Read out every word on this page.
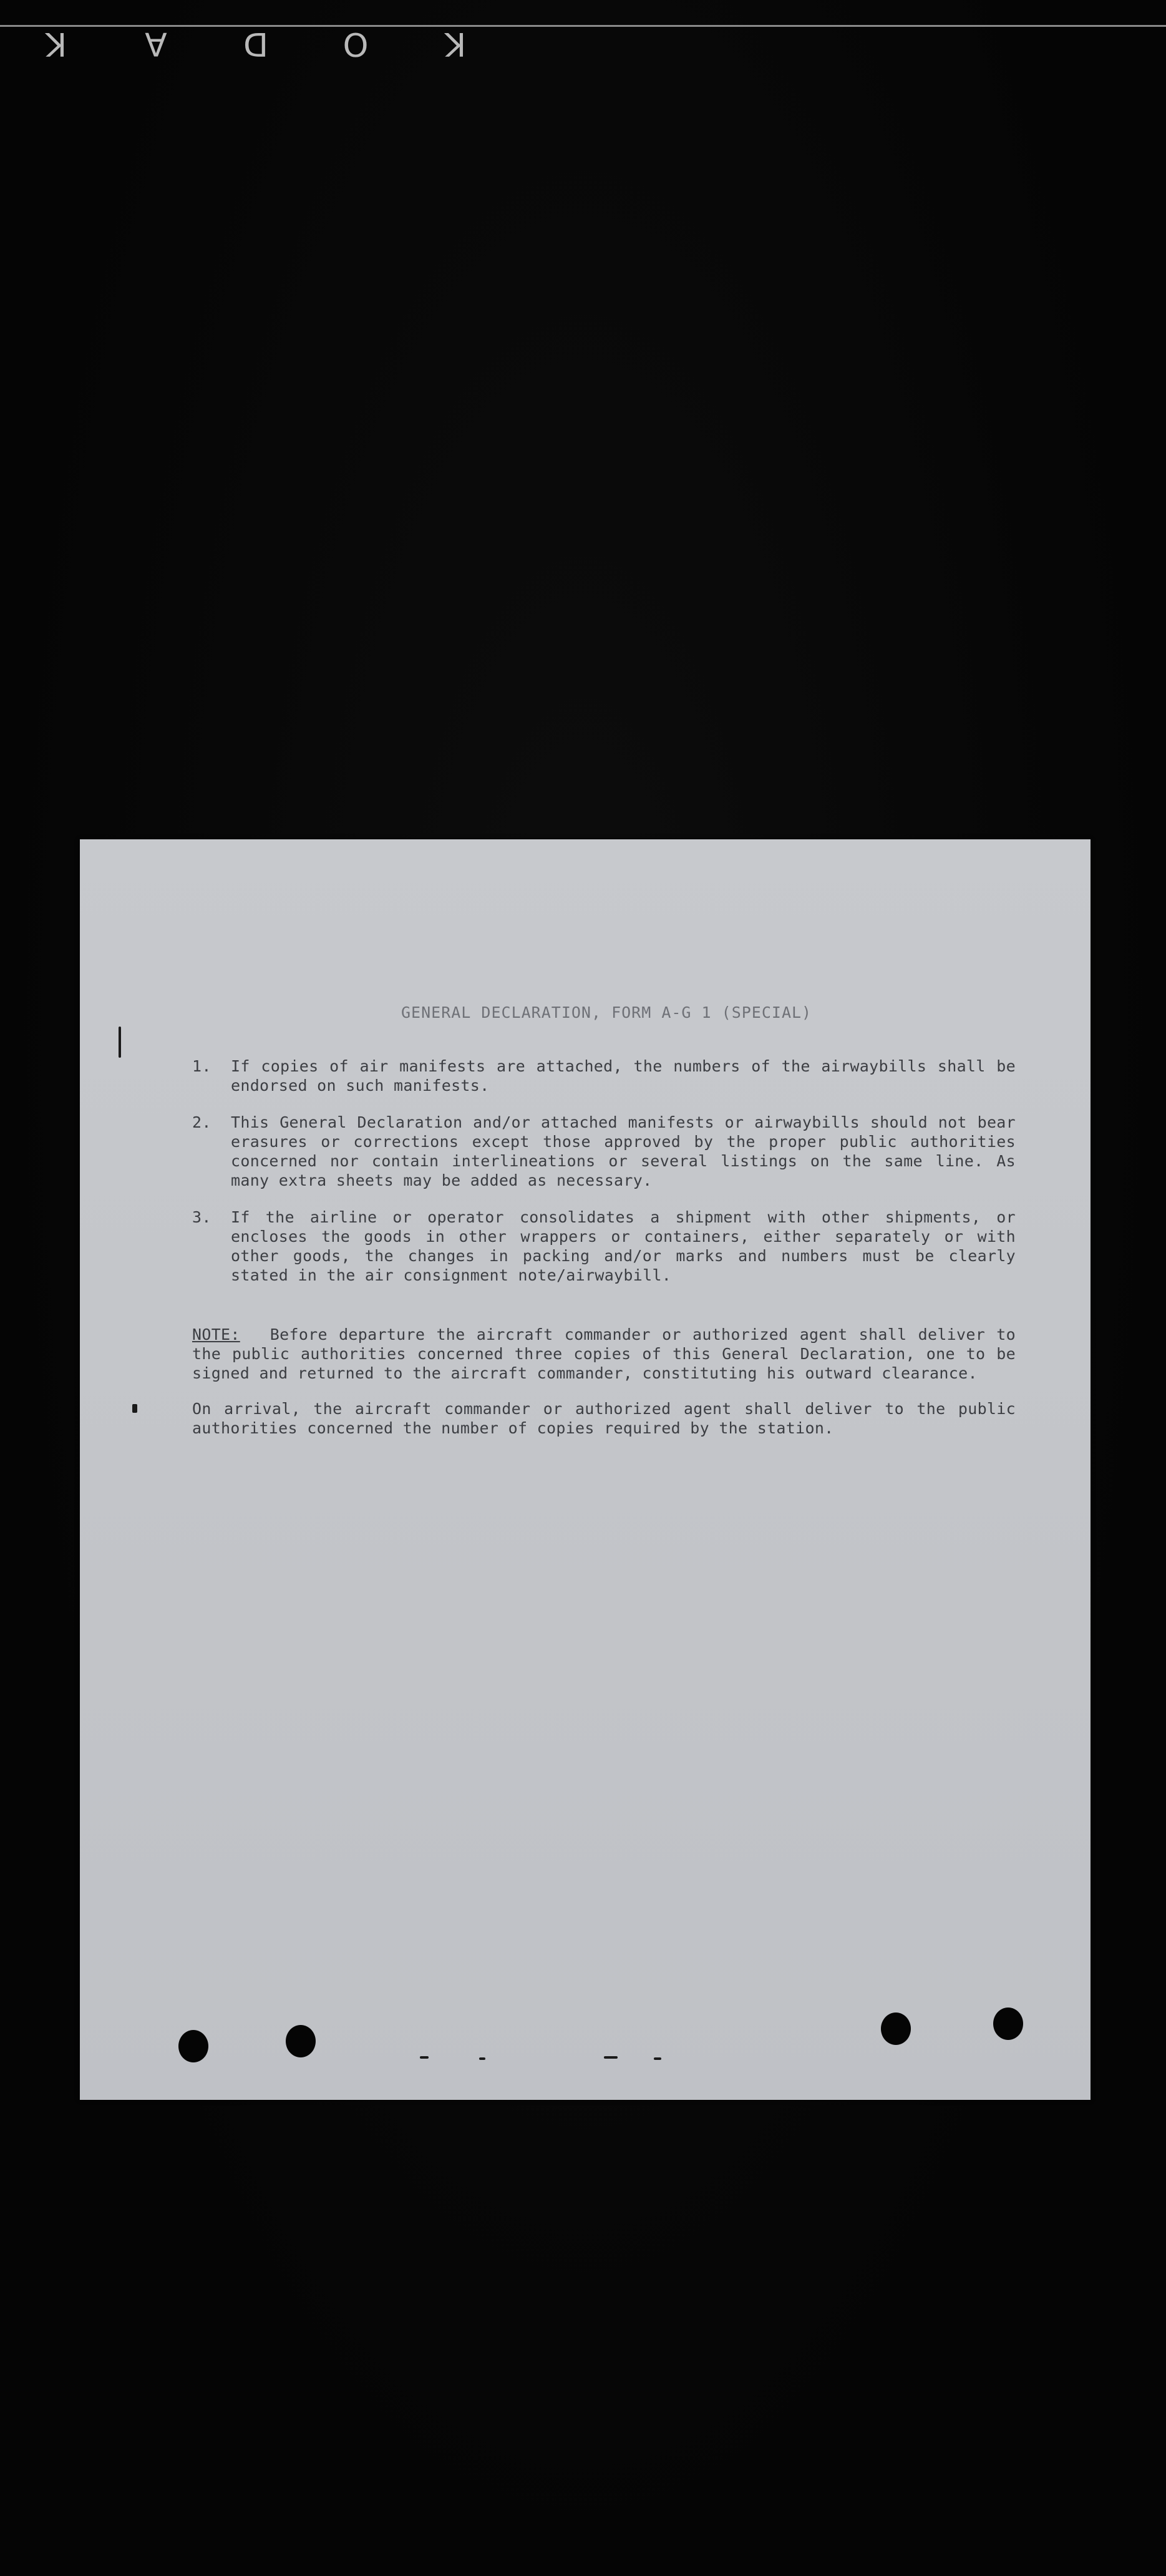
K
O
D
A
K
GENERAL DECLARATION, FORM A-G 1 (SPECIAL)
1. If copies of air manifests are attached, the numbers of the airwaybills shall be endorsed on such manifests.
2. This General Declaration and/or attached manifests or airwaybills should not bear erasures or corrections except those approved by the proper public authorities concerned nor contain interlineations or several listings on the same line. As many extra sheets may be added as necessary.
3. If the airline or operator consolidates a shipment with other shipments, or encloses the goods in other wrappers or containers, either separately or with other goods, the changes in packing and/or marks and numbers must be clearly stated in the air consignment note/airwaybill.
NOTE: Before departure the aircraft commander or authorized agent shall deliver to the public authorities concerned three copies of this General Declaration, one to be signed and returned to the aircraft commander, constituting his outward clearance.
On arrival, the aircraft commander or authorized agent shall deliver to the public authorities concerned the number of copies required by the station.
